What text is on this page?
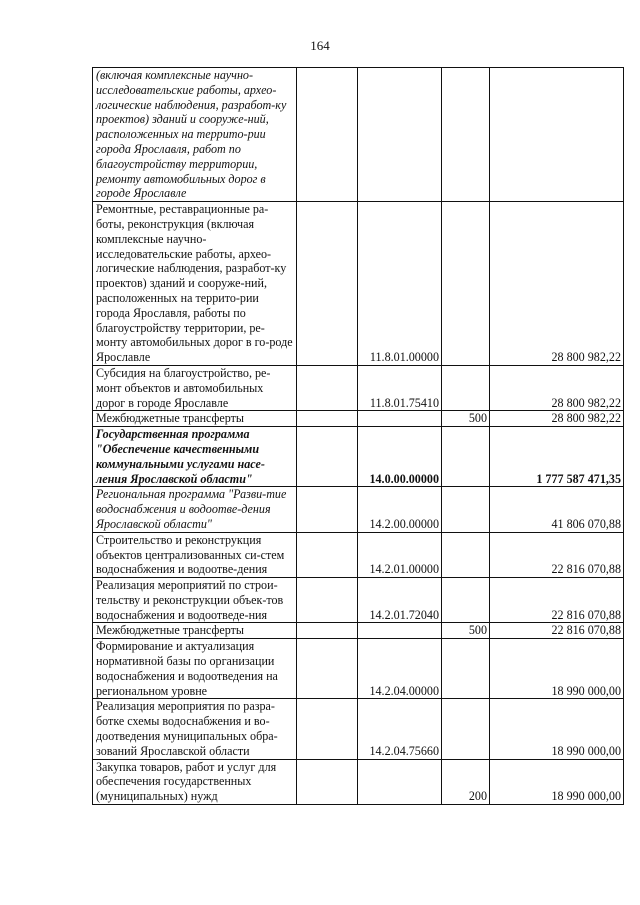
164
(включая комплексные научно-исследовательские работы, архео-логические наблюдения, разработ-ку проектов) зданий и сооруже-ний, расположенных на террито-рии города Ярославля, работ по благоустройству территории, ремонту автомобильных дорог в городе Ярославле				
Ремонтные, реставрационные ра-боты, реконструкция (включая комплексные научно-исследовательские работы, архео-логические наблюдения, разработ-ку проектов) зданий и сооруже-ний, расположенных на террито-рии города Ярославля, работы по благоустройству территории, ре-монту автомобильных дорог в го-роде Ярославле		11.8.01.00000		28 800 982,22
Субсидия на благоустройство, ре-монт объектов и автомобильных дорог в городе Ярославле		11.8.01.75410		28 800 982,22
Межбюджетные трансферты			500	28 800 982,22
Государственная программа "Обеспечение качественными коммунальными услугами насе-ления Ярославской области"		14.0.00.00000		1 777 587 471,35
Региональная программа "Разви-тие водоснабжения и водоотве-дения Ярославской области"		14.2.00.00000		41 806 070,88
Строительство и реконструкция объектов централизованных си-стем водоснабжения и водоотве-дения		14.2.01.00000		22 816 070,88
Реализация мероприятий по строи-тельству и реконструкции объек-тов водоснабжения и водоотведе-ния		14.2.01.72040		22 816 070,88
Межбюджетные трансферты			500	22 816 070,88
Формирование и актуализация нормативной базы по организации водоснабжения и водоотведения на региональном уровне		14.2.04.00000		18 990 000,00
Реализация мероприятия по разра-ботке схемы водоснабжения и во-доотведения муниципальных обра-зований Ярославской области		14.2.04.75660		18 990 000,00
Закупка товаров, работ и услуг для обеспечения государственных (муниципальных) нужд			200	18 990 000,00
